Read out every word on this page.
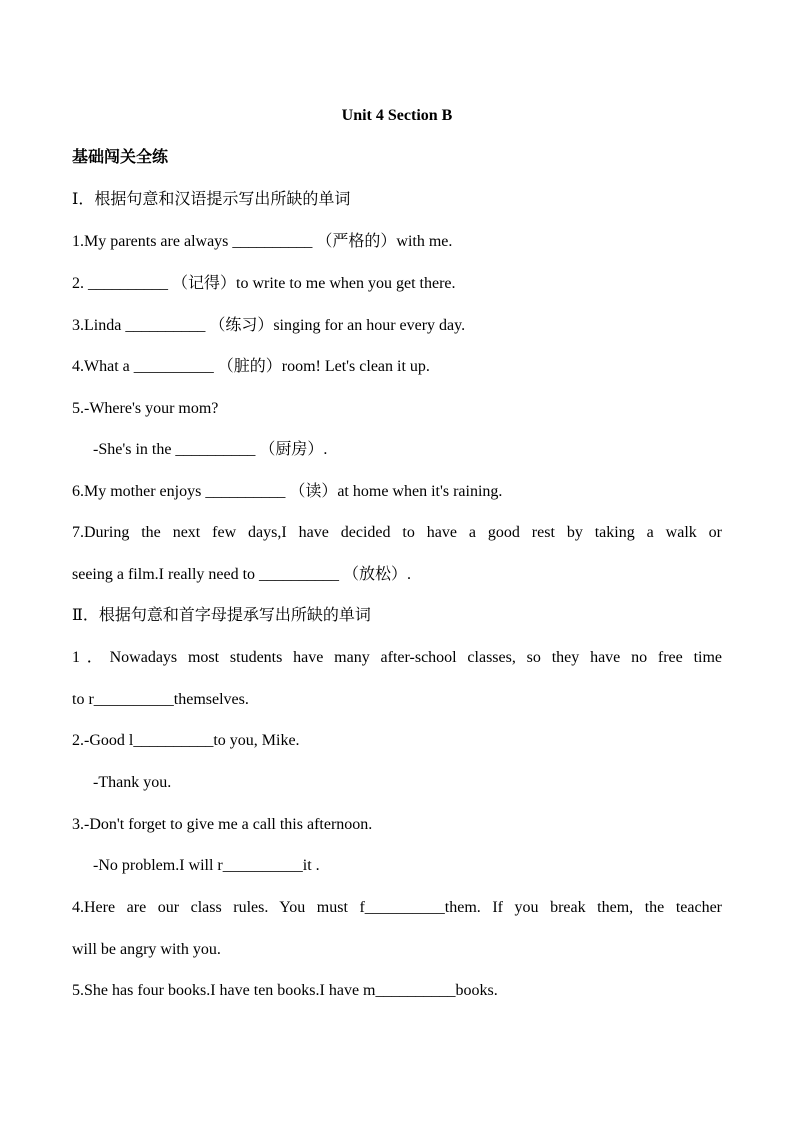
Unit 4 Section B
基础闯关全练
Ⅰ．根据句意和汉语提示写出所缺的单词
1.My parents are always __________ （严格的）with me.
2. __________ （记得）to write to me when you get there.
3.Linda __________ （练习）singing for an hour every day.
4.What a __________ （脏的）room! Let's clean it up.
5.-Where's your mom?
-She's in the __________ （厨房）.
6.My mother enjoys __________ （读）at home when it's raining.
7.During the next few days,I have decided to have a good rest by taking a walk or
seeing a film.I really need to __________ （放松）.
Ⅱ．根据句意和首字母提承写出所缺的单词
1．Nowadays most students have many after-school classes, so they have no free time
to r__________themselves.
2.-Good l__________to you, Mike.
-Thank you.
3.-Don't forget to give me a call this afternoon.
-No problem.I will r__________it .
4.Here are our class rules. You must f__________them. If you break them, the teacher
will be angry with you.
5.She has four books.I have ten books.I have m__________books.
